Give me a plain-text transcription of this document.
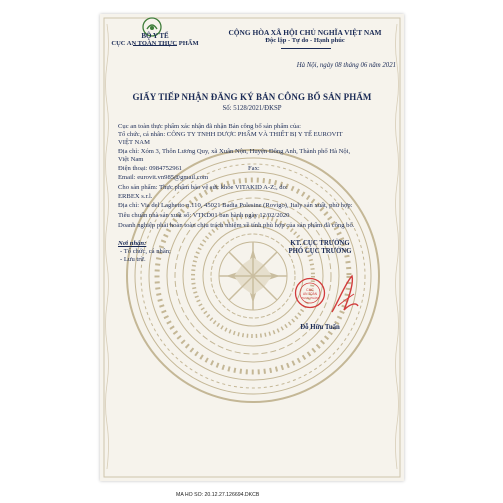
BỘ Y TẾ
CỤC AN TOÀN THỰC PHẨM
CỘNG HÒA XÃ HỘI CHỦ NGHĨA VIỆT NAM
Độc lập - Tự do - Hạnh phúc
Hà Nội, ngày 08 tháng 06 năm 2021
GIẤY TIẾP NHẬN ĐĂNG KÝ BẢN CÔNG BỐ SẢN PHẨM
Số: 5128/2021/ĐKSP
Cục an toàn thực phẩm xác nhận đã nhận Bản công bố sản phẩm của:
Tổ chức, cá nhân: CÔNG TY TNHH DƯỢC PHẨM VÀ THIẾT BỊ Y TẾ EUROVIT
VIỆT NAM
Địa chỉ: Xóm 3, Thôn Lương Quy, xã Xuân Nộn, Huyện Đông Anh, Thành phố Hà Nội,
Việt Nam
Điện thoại: 0984752961	Fax:
Email: eurovit.vn985@gmail.com
Cho sản phẩm: Thực phẩm bảo vệ sức khỏe VITAKID A-Z;, do:
ERBEX s.r.l.
Địa chỉ: Via del Laghetto n.110, 45021 Badia Polesine (Rovigo), Italy sản xuất, phù hợp:
Tiêu chuẩn nhà sản xuất số: VTKD01 ban hành ngày 12/02/2020
Doanh nghiệp phải hoàn toàn chịu trách nhiệm về tính phù hợp của sản phẩm đã công bố.
Nơi nhận:
- Tổ chức, cá nhân;
- Lưu trữ.
KT. CỤC TRƯỞNG
PHÓ CỤC TRƯỞNG
CỤC
AN TOÀN
THỰC PHẨM
Đỗ Hữu Tuấn
MA HO SO: 20.12.27.126694.DKCB
